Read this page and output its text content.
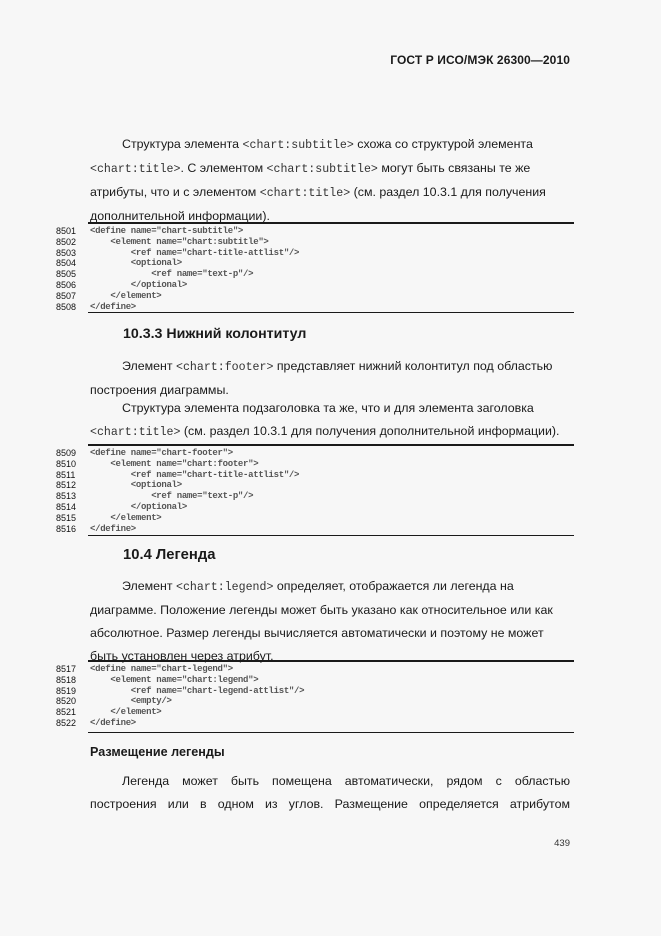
ГОСТ Р ИСО/МЭК 26300—2010
Структура элемента <chart:subtitle> схожа со структурой элемента
<chart:title>. С элементом <chart:subtitle> могут быть связаны те же
атрибуты, что и с элементом <chart:title> (см. раздел 10.3.1 для получения
дополнительной информации).
8501 <define name="chart-subtitle">
8502 <element name="chart:subtitle">
8503 <ref name="chart-title-attlist"/>
8504 <optional>
8505 <ref name="text-p"/>
8506 </optional>
8507 </element>
8508 </define>
10.3.3 Нижний колонтитул
Элемент <chart:footer> представляет нижний колонтитул под областью
построения диаграммы.
Структура элемента подзаголовка та же, что и для элемента заголовка
<chart:title> (см. раздел 10.3.1 для получения дополнительной информации).
8509 <define name="chart-footer">
8510 <element name="chart:footer">
8511 <ref name="chart-title-attlist"/>
8512 <optional>
8513 <ref name="text-p"/>
8514 </optional>
8515 </element>
8516 </define>
10.4 Легенда
Элемент <chart:legend> определяет, отображается ли легенда на
диаграмме. Положение легенды может быть указано как относительное или как
абсолютное. Размер легенды вычисляется автоматически и поэтому не может
быть установлен через атрибут.
8517 <define name="chart-legend">
8518 <element name="chart:legend">
8519 <ref name="chart-legend-attlist"/>
8520 <empty/>
8521 </element>
8522 </define>
Размещение легенды
Легенда может быть помещена автоматически, рядом с областью
построения или в одном из углов. Размещение определяется атрибутом
439
